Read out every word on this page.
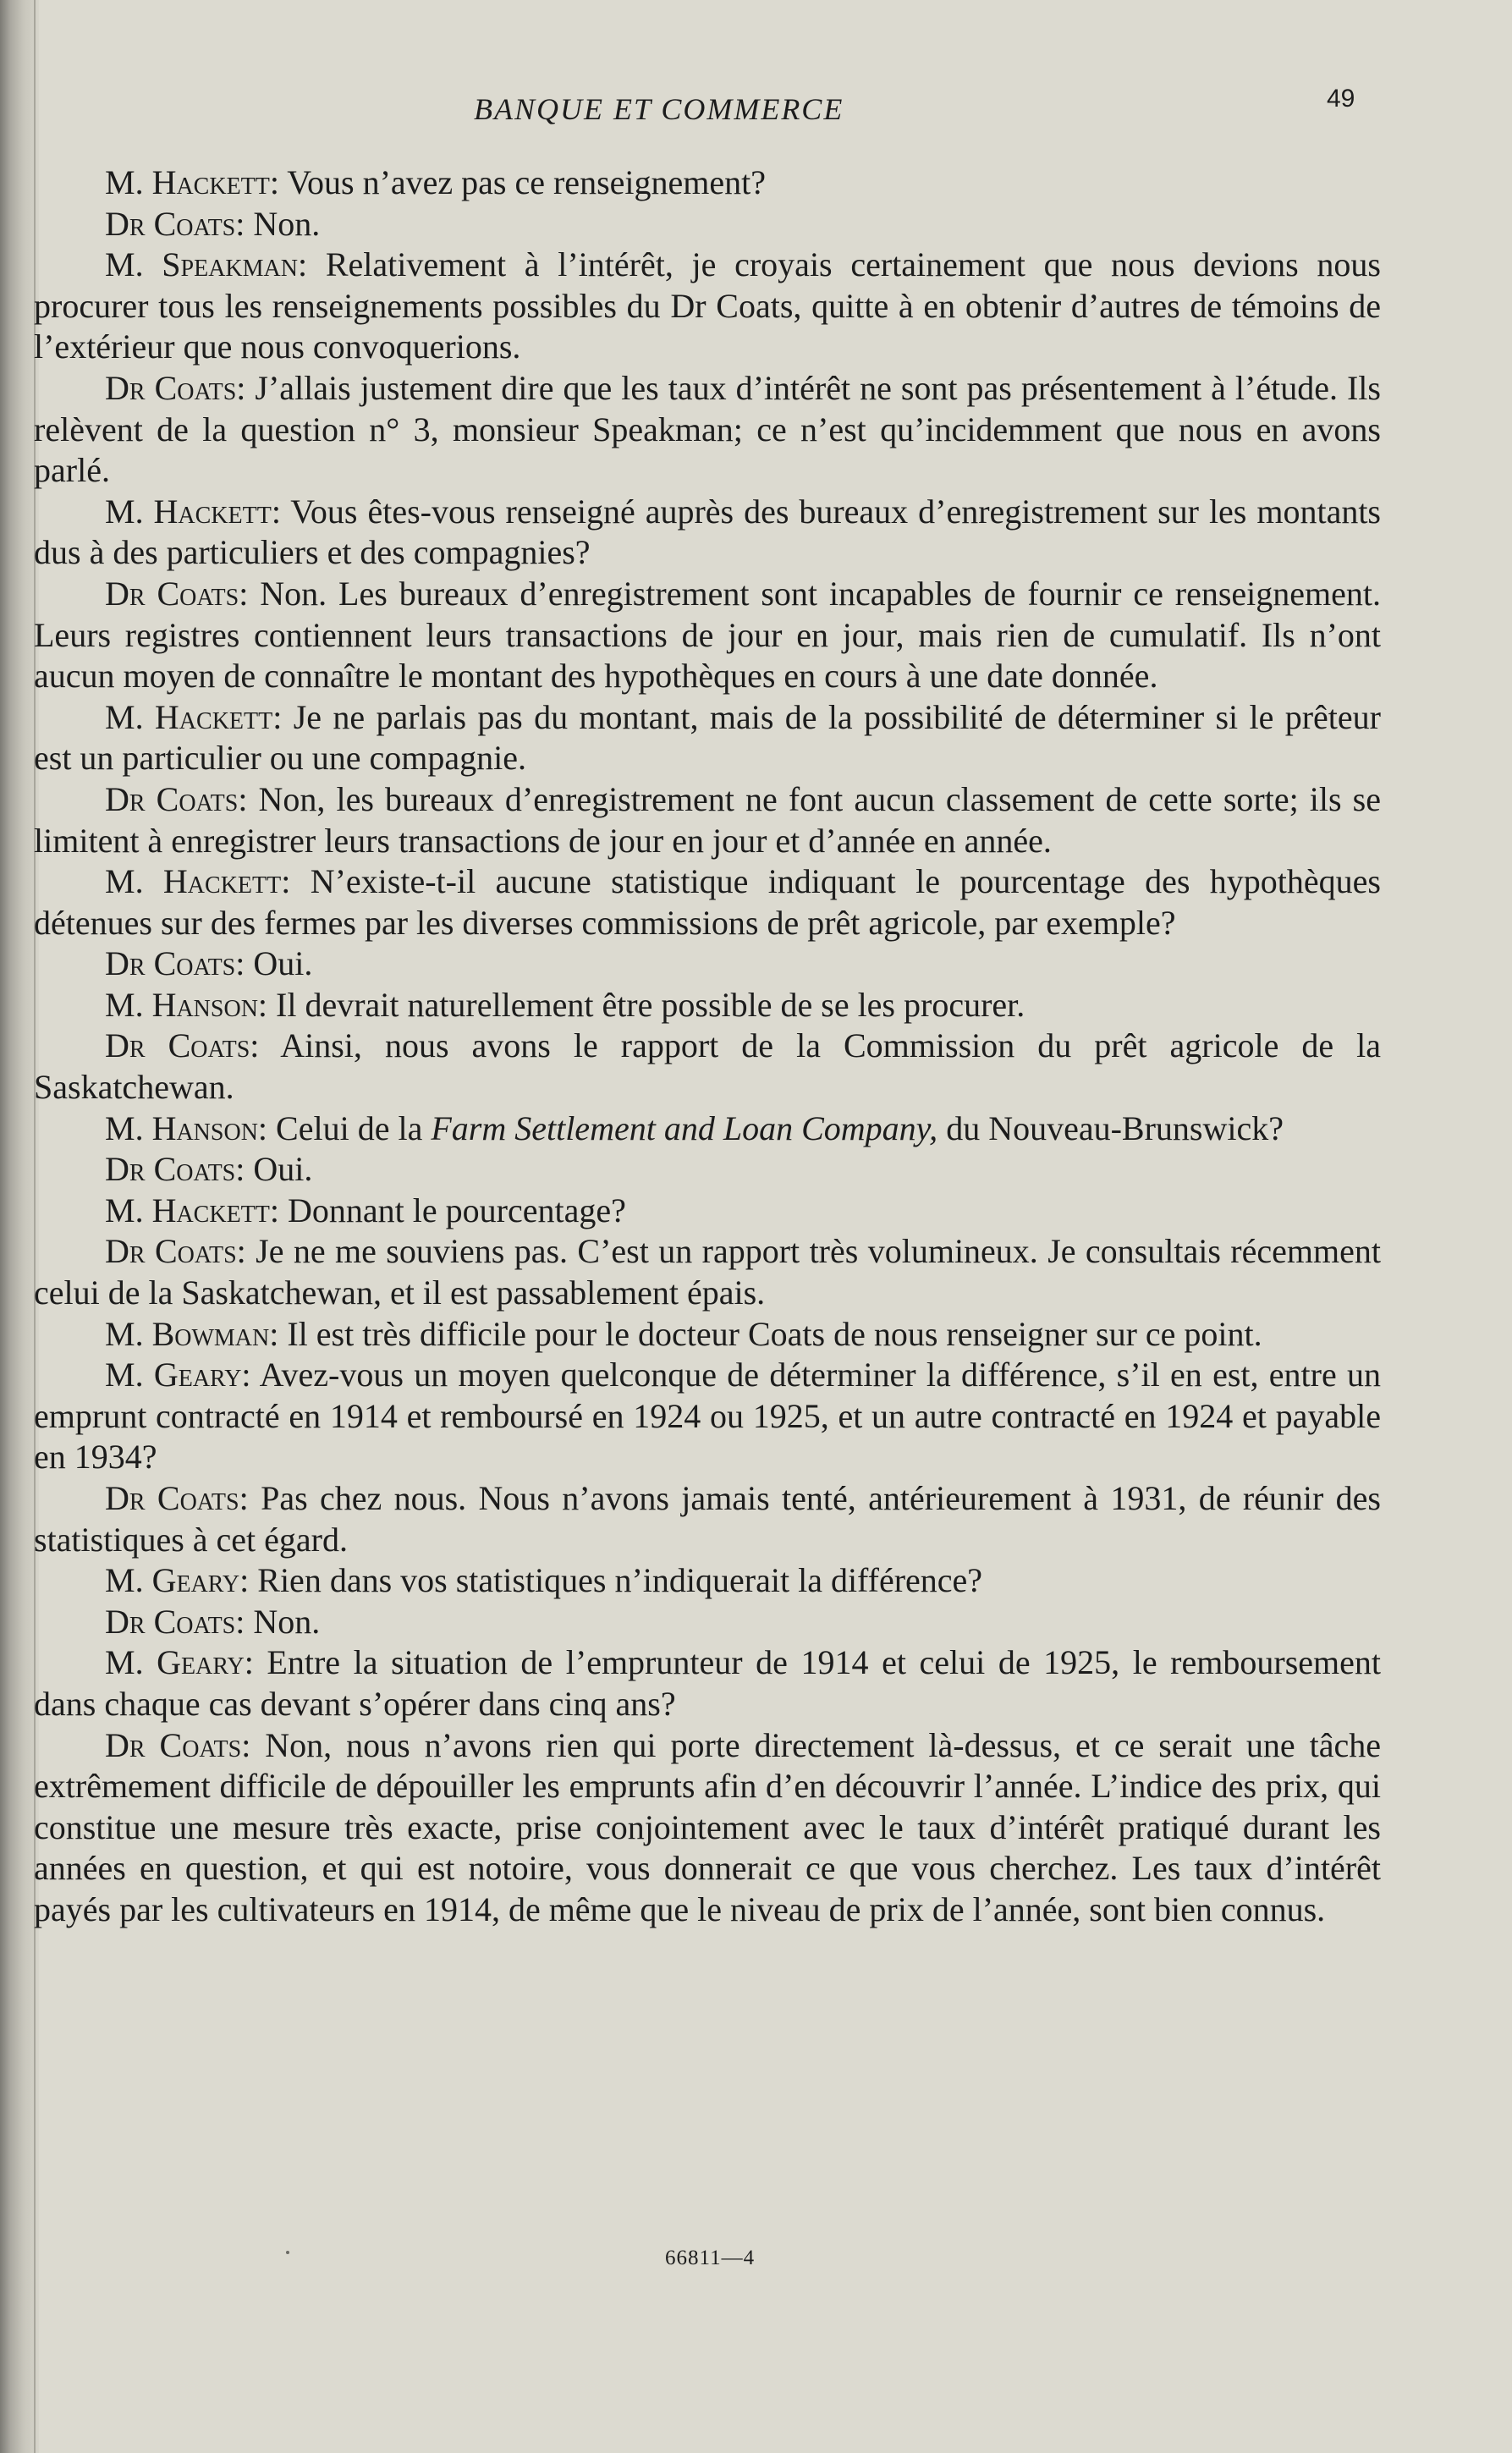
BANQUE ET COMMERCE	49

M. Hackett: Vous n’avez pas ce renseignement?

Dr Coats: Non.

M. Speakman: Relativement à l’intérêt, je croyais certainement que nous devions nous procurer tous les renseignements possibles du Dr Coats, quitte à en obtenir d’autres de témoins de l’extérieur que nous convoquerions.

Dr Coats: J’allais justement dire que les taux d’intérêt ne sont pas présentement à l’étude. Ils relèvent de la question n° 3, monsieur Speakman; ce n’est qu’incidemment que nous en avons parlé.

M. Hackett: Vous êtes-vous renseigné auprès des bureaux d’enregistrement sur les montants dus à des particuliers et des compagnies?

Dr Coats: Non. Les bureaux d’enregistrement sont incapables de fournir ce renseignement. Leurs registres contiennent leurs transactions de jour en jour, mais rien de cumulatif. Ils n’ont aucun moyen de connaître le montant des hypothèques en cours à une date donnée.

M. Hackett: Je ne parlais pas du montant, mais de la possibilité de déterminer si le prêteur est un particulier ou une compagnie.

Dr Coats: Non, les bureaux d’enregistrement ne font aucun classement de cette sorte; ils se limitent à enregistrer leurs transactions de jour en jour et d’année en année.

M. Hackett: N’existe-t-il aucune statistique indiquant le pourcentage des hypothèques détenues sur des fermes par les diverses commissions de prêt agricole, par exemple?

Dr Coats: Oui.

M. Hanson: Il devrait naturellement être possible de se les procurer.

Dr Coats: Ainsi, nous avons le rapport de la Commission du prêt agricole de la Saskatchewan.

M. Hanson: Celui de la Farm Settlement and Loan Company, du Nouveau-Brunswick?

Dr Coats: Oui.

M. Hackett: Donnant le pourcentage?

Dr Coats: Je ne me souviens pas. C’est un rapport très volumineux. Je consultais récemment celui de la Saskatchewan, et il est passablement épais.

M. Bowman: Il est très difficile pour le docteur Coats de nous renseigner sur ce point.

M. Geary: Avez-vous un moyen quelconque de déterminer la différence, s’il en est, entre un emprunt contracté en 1914 et remboursé en 1924 ou 1925, et un autre contracté en 1924 et payable en 1934?

Dr Coats: Pas chez nous. Nous n’avons jamais tenté, antérieurement à 1931, de réunir des statistiques à cet égard.

M. Geary: Rien dans vos statistiques n’indiquerait la différence?

Dr Coats: Non.

M. Geary: Entre la situation de l’emprunteur de 1914 et celui de 1925, le remboursement dans chaque cas devant s’opérer dans cinq ans?

Dr Coats: Non, nous n’avons rien qui porte directement là-dessus, et ce serait une tâche extrêmement difficile de dépouiller les emprunts afin d’en découvrir l’année. L’indice des prix, qui constitue une mesure très exacte, prise conjointement avec le taux d’intérêt pratiqué durant les années en question, et qui est notoire, vous donnerait ce que vous cherchez. Les taux d’intérêt payés par les cultivateurs en 1914, de même que le niveau de prix de l’année, sont bien connus.

66811—4
